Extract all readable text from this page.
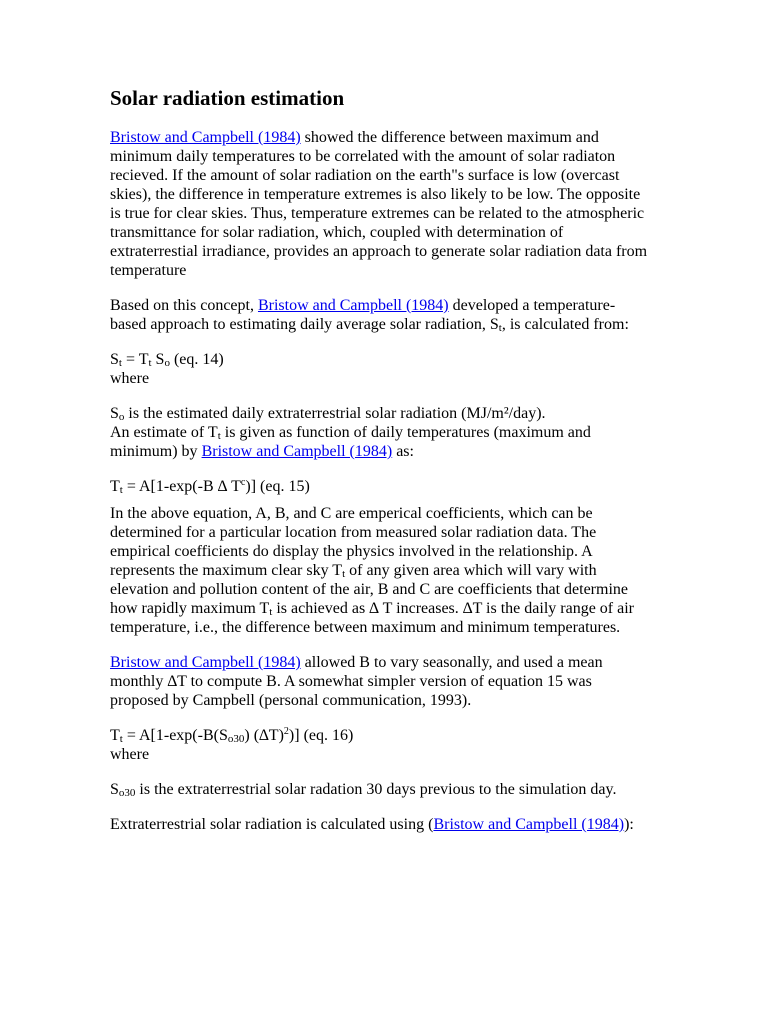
Solar radiation estimation

Bristow and Campbell (1984) showed the difference between maximum and minimum daily temperatures to be correlated with the amount of solar radiaton recieved. If the amount of solar radiation on the earth"s surface is low (overcast skies), the difference in temperature extremes is also likely to be low. The opposite is true for clear skies. Thus, temperature extremes can be related to the atmospheric transmittance for solar radiation, which, coupled with determination of extraterrestial irradiance, provides an approach to generate solar radiation data from temperature

Based on this concept, Bristow and Campbell (1984) developed a temperature-based approach to estimating daily average solar radiation, $S_t$, is calculated from:

$S_t = T_t$ $S_o$ (eq. 14)

where

$S_o$ is the estimated daily extraterrestrial solar radiation (MJ/m²/day).
An estimate of $T_t$ is given as function of daily temperatures (maximum and minimum) by Bristow and Campbell (1984) as:

$T_t = A[1-\exp(-B$ ∆ $T^c$)] (eq. 15)

In the above equation, A, B, and C are emperical coefficients, which can be determined for a particular location from measured solar radiation data. The empirical coefficients do display the physics involved in the relationship. A represents the maximum clear sky $T_t$ of any given area which will vary with elevation and pollution content of the air, B and C are coefficients that determine how rapidly maximum $T_t$ is achieved as ∆ T increases. ∆T is the daily range of air temperature, i.e., the difference between maximum and minimum temperatures.

Bristow and Campbell (1984) allowed B to vary seasonally, and used a mean monthly ∆T to compute B. A somewhat simpler version of equation 15 was proposed by Campbell (personal communication, 1993).

$T_t = A[1-\exp(-B(S_{o30})$ $(\Delta T)^2$)] (eq. 16)

where

$S_{o30}$ is the extraterrestrial solar radation 30 days previous to the simulation day.

Extraterrestrial solar radiation is calculated using (Bristow and Campbell (1984)):
